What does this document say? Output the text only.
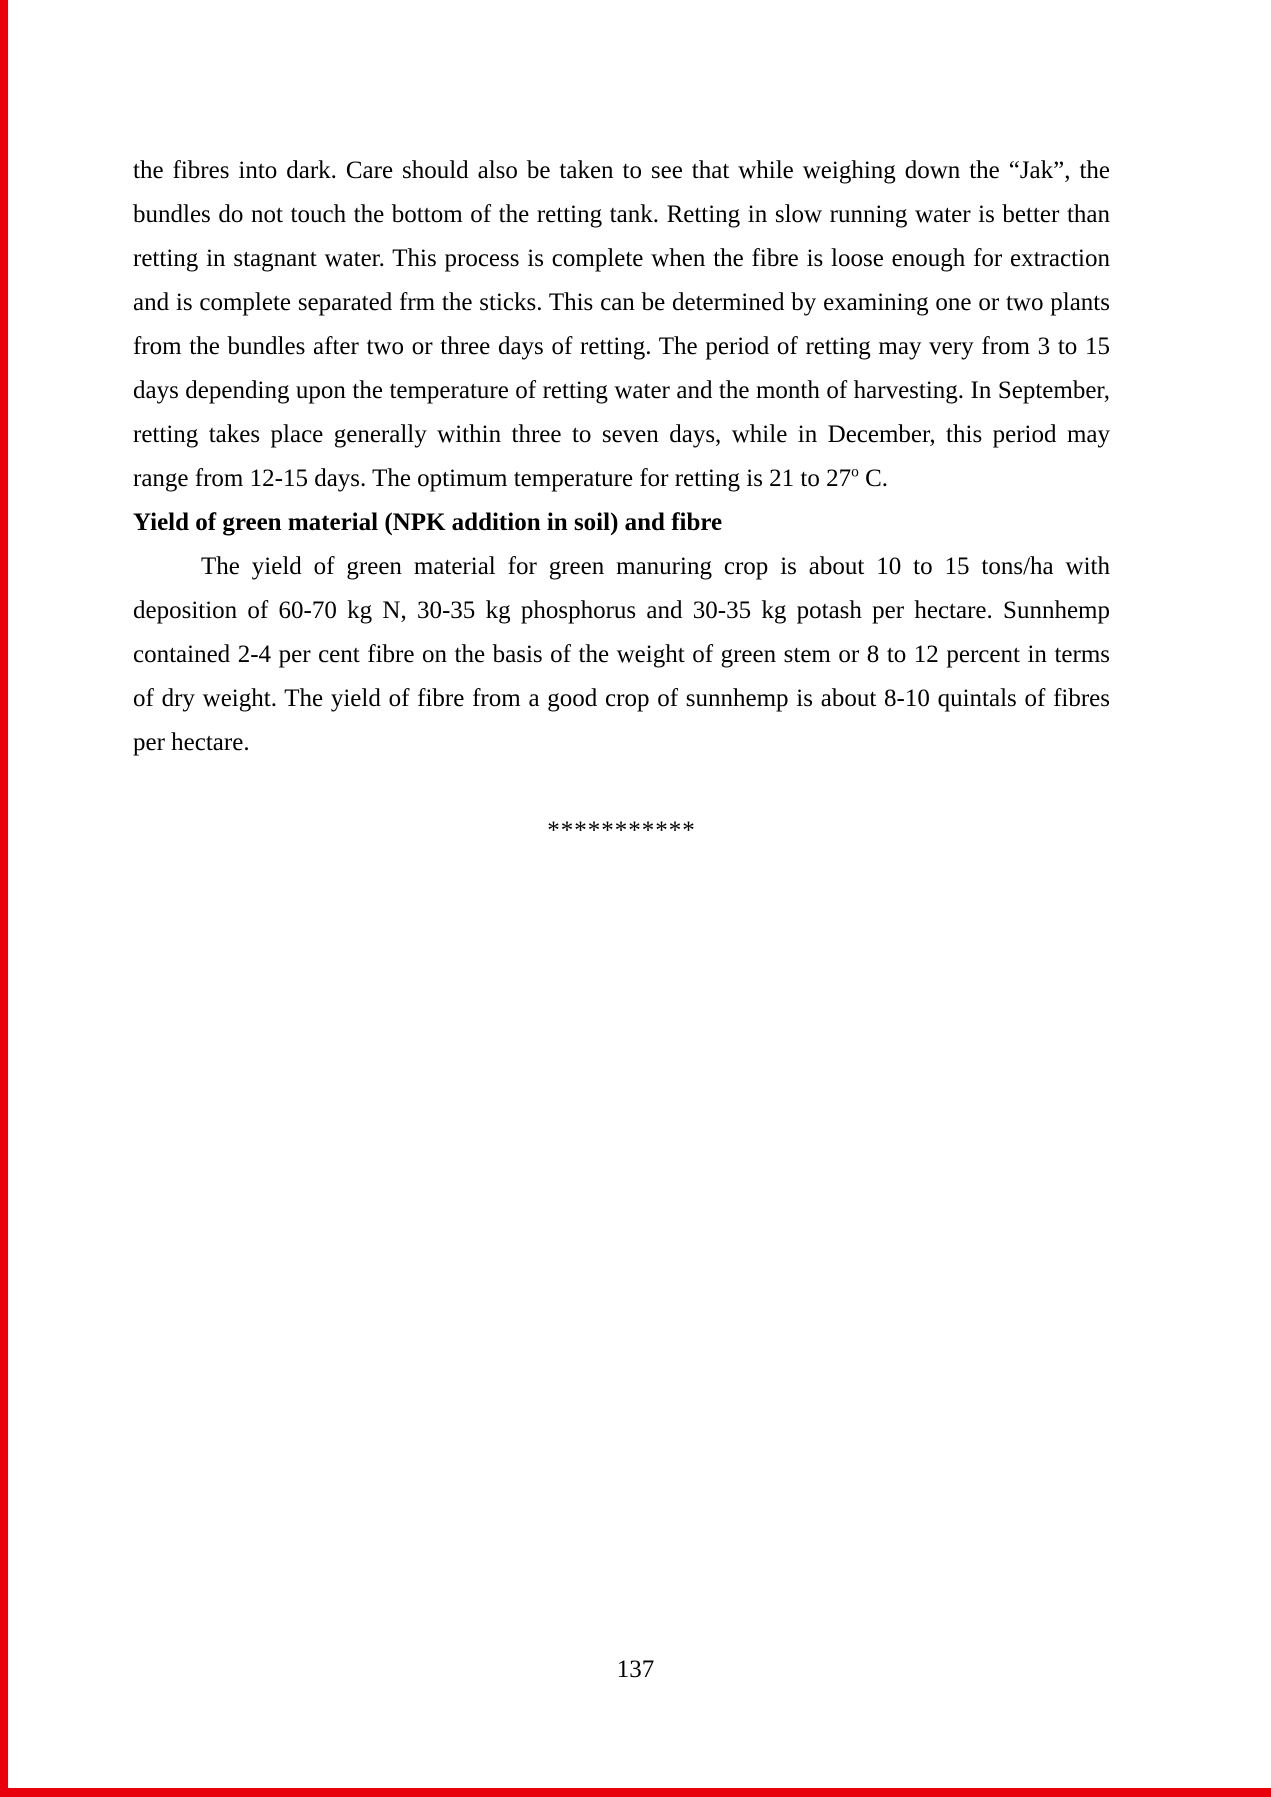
the fibres into dark. Care should also be taken to see that while weighing down the “Jak”, the bundles do not touch the bottom of the retting tank. Retting in slow running water is better than retting in stagnant water. This process is complete when the fibre is loose enough for extraction and is complete separated frm the sticks. This can be determined by examining one or two plants from the bundles after two or three days of retting. The period of retting may very from 3 to 15 days depending upon the temperature of retting water and the month of harvesting. In September, retting takes place generally within three to seven days, while in December, this period may range from 12-15 days. The optimum temperature for retting is 21 to 27$^o$ C.

Yield of green material (NPK addition in soil) and fibre

The yield of green material for green manuring crop is about 10 to 15 tons/ha with deposition of 60-70 kg N, 30-35 kg phosphorus and 30-35 kg potash per hectare. Sunnhemp contained 2-4 per cent fibre on the basis of the weight of green stem or 8 to 12 percent in terms of dry weight. The yield of fibre from a good crop of sunnhemp is about 8-10 quintals of fibres per hectare.

***********
137
